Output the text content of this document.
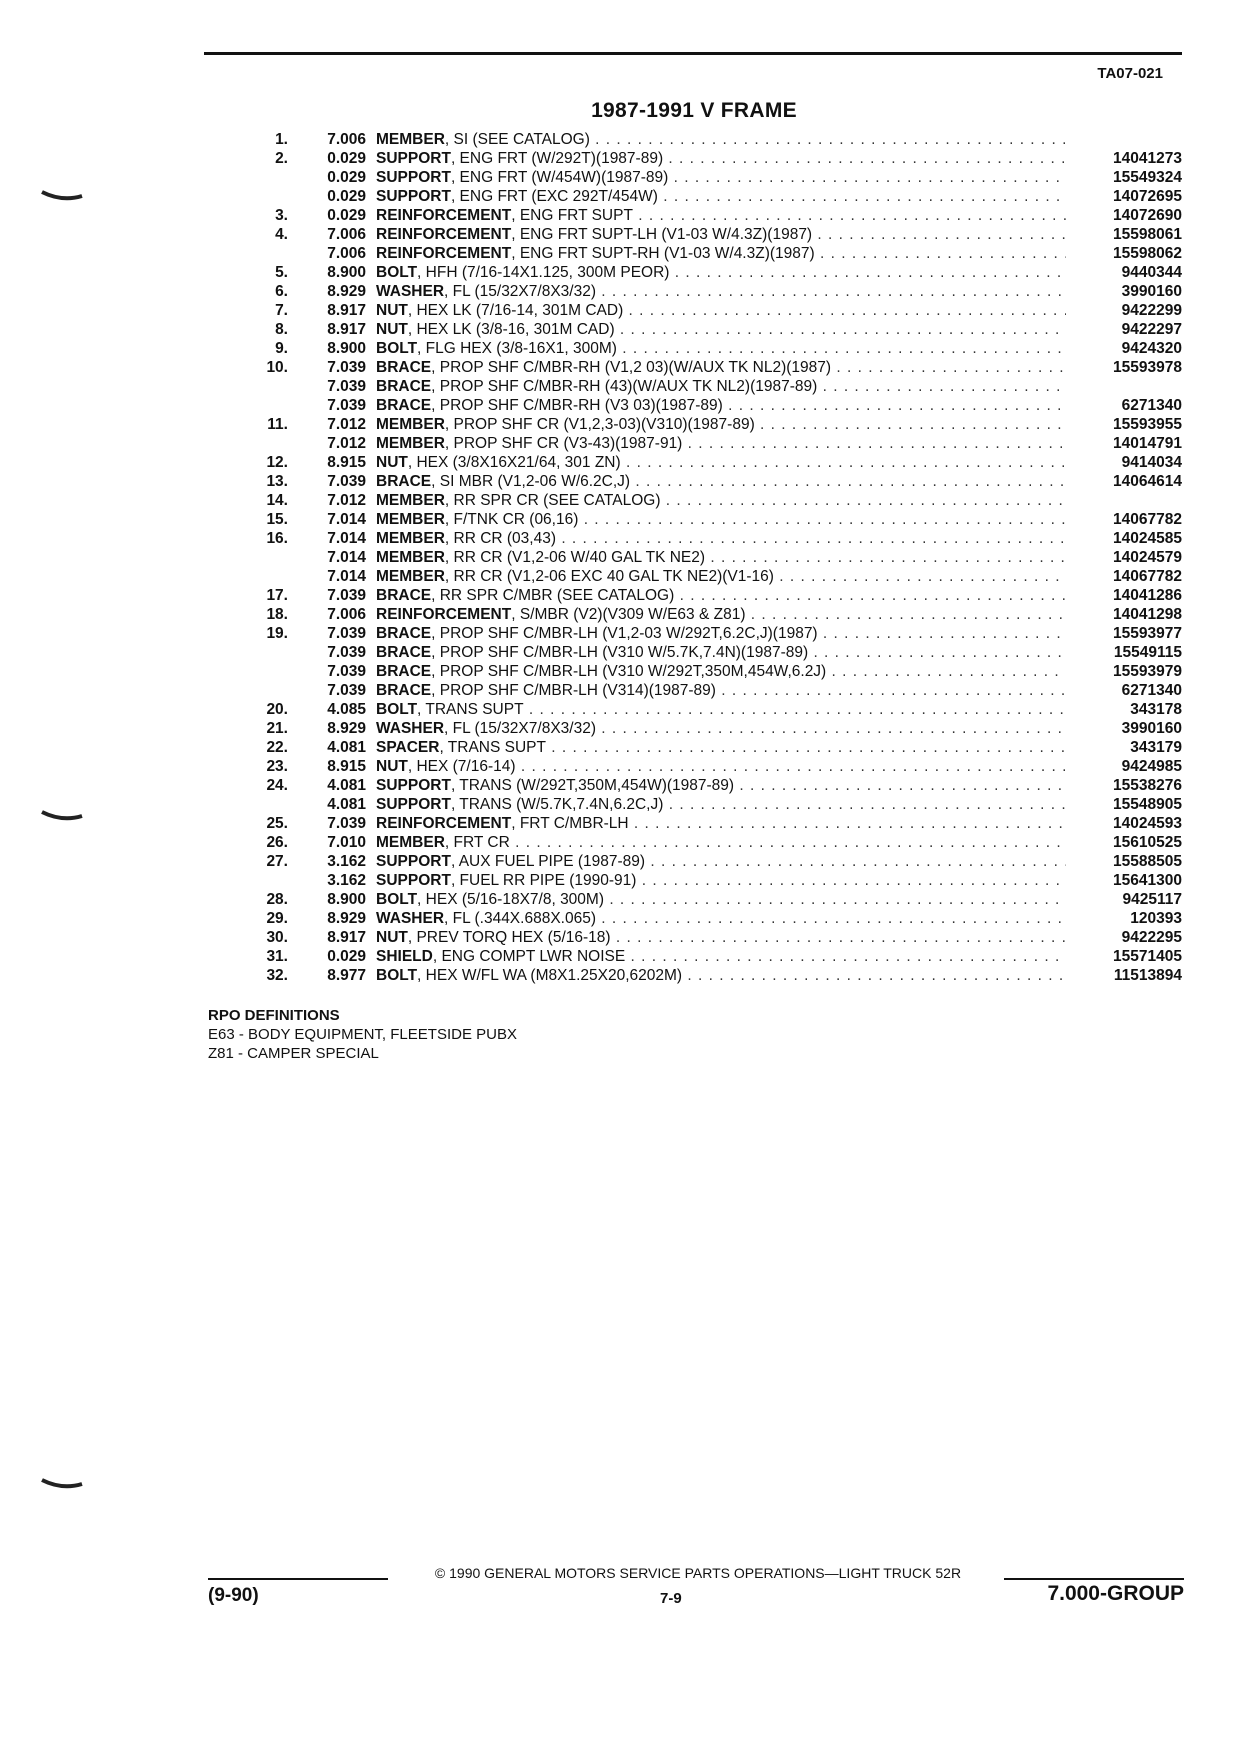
TA07-021
1987-1991 V FRAME
1.	7.006 MEMBER, SI (SEE CATALOG) . . .
2.	0.029 SUPPORT, ENG FRT (W/292T)(1987-89) . . .	14041273
0.029 SUPPORT, ENG FRT (W/454W)(1987-89) . . .	15549324
0.029 SUPPORT, ENG FRT (EXC 292T/454W) . . .	14072695
3.	0.029 REINFORCEMENT, ENG FRT SUPT . . .	14072690
4.	7.006 REINFORCEMENT, ENG FRT SUPT-LH (V1-03 W/4.3Z)(1987) . . .	15598061
7.006 REINFORCEMENT, ENG FRT SUPT-RH (V1-03 W/4.3Z)(1987) . . .	15598062
5.	8.900 BOLT, HFH (7/16-14X1.125, 300M PEOR) . . .	9440344
6.	8.929 WASHER, FL (15/32X7/8X3/32) . . .	3990160
7.	8.917 NUT, HEX LK (7/16-14, 301M CAD) . . .	9422299
8.	8.917 NUT, HEX LK (3/8-16, 301M CAD) . . .	9422297
9.	8.900 BOLT, FLG HEX (3/8-16X1, 300M) . . .	9424320
10.	7.039 BRACE, PROP SHF C/MBR-RH (V1,2 03)(W/AUX TK NL2)(1987) . . .	15593978
7.039 BRACE, PROP SHF C/MBR-RH (43)(W/AUX TK NL2)(1987-89) . . .
7.039 BRACE, PROP SHF C/MBR-RH (V3 03)(1987-89) . . .	6271340
11.	7.012 MEMBER, PROP SHF CR (V1,2,3-03)(V310)(1987-89) . . .	15593955
7.012 MEMBER, PROP SHF CR (V3-43)(1987-91) . . .	14014791
12.	8.915 NUT, HEX (3/8X16X21/64, 301 ZN) . . .	9414034
13.	7.039 BRACE, SI MBR (V1,2-06 W/6.2C,J) . . .	14064614
14.	7.012 MEMBER, RR SPR CR (SEE CATALOG) . . .
15.	7.014 MEMBER, F/TNK CR (06,16) . . .	14067782
16.	7.014 MEMBER, RR CR (03,43) . . .	14024585
7.014 MEMBER, RR CR (V1,2-06 W/40 GAL TK NE2) . . .	14024579
7.014 MEMBER, RR CR (V1,2-06 EXC 40 GAL TK NE2)(V1-16) . . .	14067782
17.	7.039 BRACE, RR SPR C/MBR (SEE CATALOG) . . .	14041286
18.	7.006 REINFORCEMENT, S/MBR (V2)(V309 W/E63 & Z81) . . .	14041298
19.	7.039 BRACE, PROP SHF C/MBR-LH (V1,2-03 W/292T,6.2C,J)(1987) . . .	15593977
7.039 BRACE, PROP SHF C/MBR-LH (V310 W/5.7K,7.4N)(1987-89) . . .	15549115
7.039 BRACE, PROP SHF C/MBR-LH (V310 W/292T,350M,454W,6.2J) . . .	15593979
7.039 BRACE, PROP SHF C/MBR-LH (V314)(1987-89) . . .	6271340
20.	4.085 BOLT, TRANS SUPT . . .	343178
21.	8.929 WASHER, FL (15/32X7/8X3/32) . . .	3990160
22.	4.081 SPACER, TRANS SUPT . . .	343179
23.	8.915 NUT, HEX (7/16-14) . . .	9424985
24.	4.081 SUPPORT, TRANS (W/292T,350M,454W)(1987-89) . . .	15538276
4.081 SUPPORT, TRANS (W/5.7K,7.4N,6.2C,J) . . .	15548905
25.	7.039 REINFORCEMENT, FRT C/MBR-LH . . .	14024593
26.	7.010 MEMBER, FRT CR . . .	15610525
27.	3.162 SUPPORT, AUX FUEL PIPE (1987-89) . . .	15588505
3.162 SUPPORT, FUEL RR PIPE (1990-91) . . .	15641300
28.	8.900 BOLT, HEX (5/16-18X7/8, 300M) . . .	9425117
29.	8.929 WASHER, FL (.344X.688X.065) . . .	120393
30.	8.917 NUT, PREV TORQ HEX (5/16-18) . . .	9422295
31.	0.029 SHIELD, ENG COMPT LWR NOISE . . .	15571405
32.	8.977 BOLT, HEX W/FL WA (M8X1.25X20,6202M) . . .	11513894
RPO DEFINITIONS
E63 - BODY EQUIPMENT, FLEETSIDE PUBX
Z81 - CAMPER SPECIAL
© 1990 GENERAL MOTORS SERVICE PARTS OPERATIONS—LIGHT TRUCK 52R
(9-90)	7-9	7.000-GROUP
